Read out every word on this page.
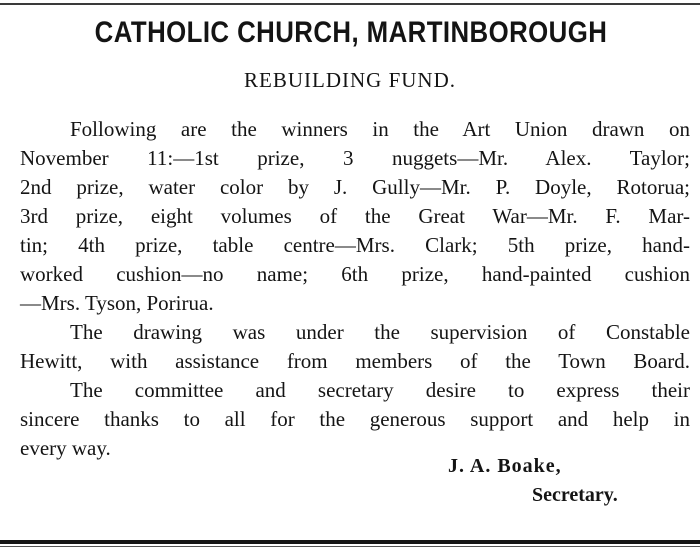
CATHOLIC CHURCH, MARTINBOROUGH
REBUILDING FUND.
Following are the winners in the Art Union drawn on
November 11:—1st prize, 3 nuggets—Mr. Alex. Taylor;
2nd prize, water color by J. Gully—Mr. P. Doyle, Rotorua;
3rd prize, eight volumes of the Great War—Mr. F. Mar-
tin; 4th prize, table centre—Mrs. Clark; 5th prize, hand-
worked cushion—no name; 6th prize, hand-painted cushion
—Mrs. Tyson, Porirua.
The drawing was under the supervision of Constable
Hewitt, with assistance from members of the Town Board.
The committee and secretary desire to express their
sincere thanks to all for the generous support and help in
every way.
J. A. Boake,
Secretary.
